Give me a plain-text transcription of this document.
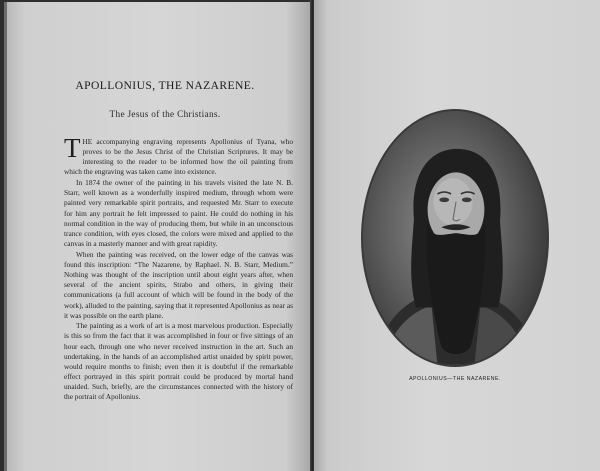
APOLLONIUS, THE NAZARENE.
The Jesus of the Christians.

THE accompanying engraving represents Apollonius of Tyana, who proves to be the Jesus Christ of the Christian Scriptures. It may be interesting to the reader to be informed how the oil painting from which the engraving was taken came into existence.

In 1874 the owner of the painting in his travels visited the late N. B. Starr, well known as a wonderfully inspired medium, through whom were painted very remarkable spirit portraits, and requested Mr. Starr to execute for him any portrait he felt impressed to paint. He could do nothing in his normal condition in the way of producing them, but while in an unconscious trance condition, with eyes closed, the colors were mixed and applied to the canvas in a masterly manner and with great rapidity.

When the painting was received, on the lower edge of the canvas was found this inscription: “The Nazarene, by Raphael. N. B. Starr, Medium.” Nothing was thought of the inscription until about eight years after, when several of the ancient spirits, Strabo and others, in giving their communications (a full account of which will be found in the body of the work), alluded to the painting, saying that it represented Apollonius as near as it was possible on the earth plane.

The painting as a work of art is a most marvelous production. Especially is this so from the fact that it was accomplished in four or five sittings of an hour each, through one who never received instruction in the art. Such an undertaking, in the hands of an accomplished artist unaided by spirit power, would require months to finish; even then it is doubtful if the remarkable effect portrayed in this spirit portrait could be produced by mortal hand unaided. Such, briefly, are the circumstances connected with the history of the portrait of Apollonius.

APOLLONIUS—THE NAZARENE.
